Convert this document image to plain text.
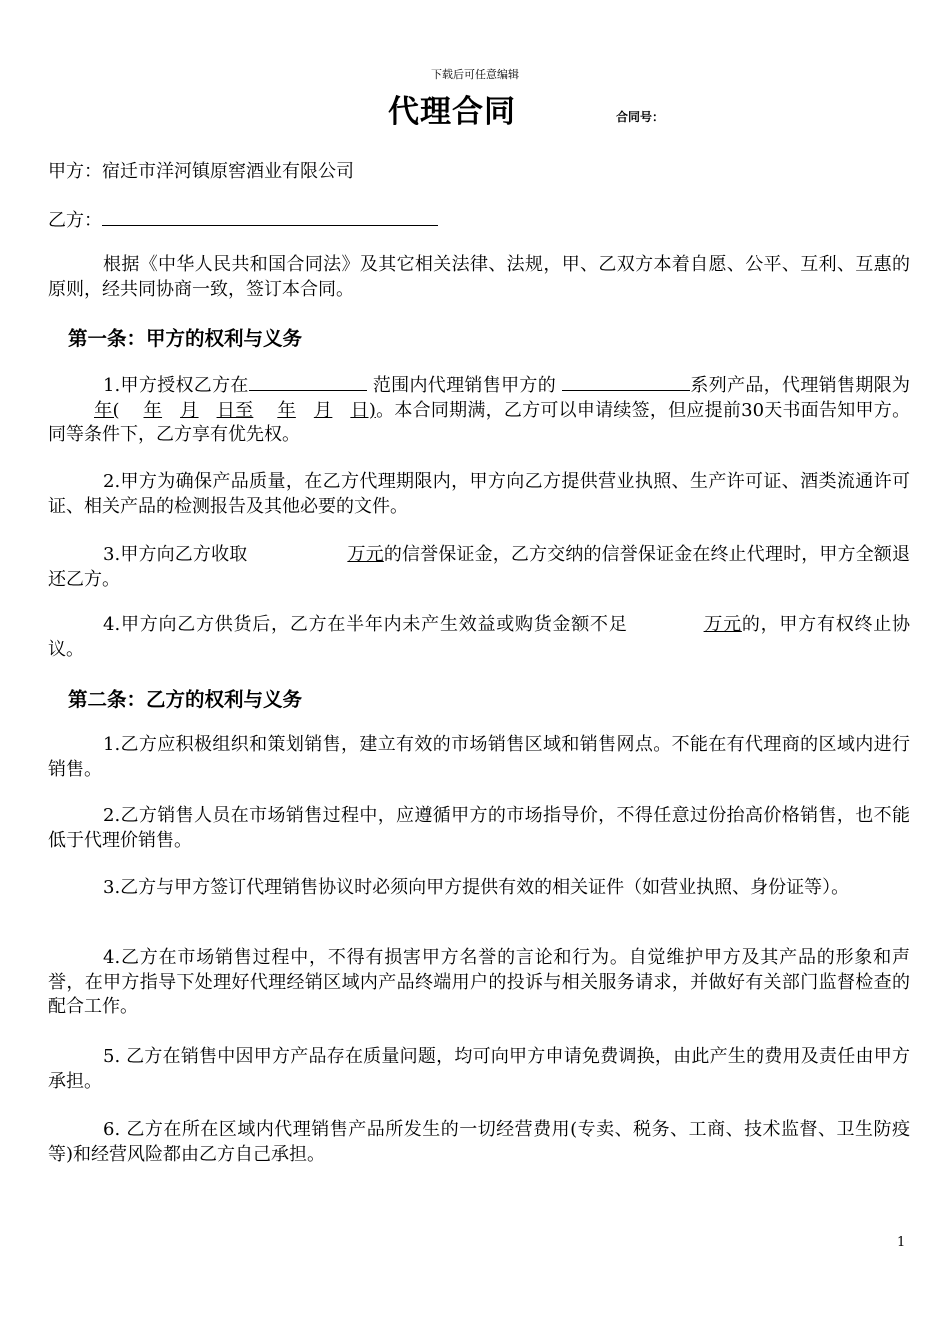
下载后可任意编辑
代理合同	合同号：
甲方：宿迁市洋河镇原窖酒业有限公司
乙方：
根据《中华人民共和国合同法》及其它相关法律、法规，甲、乙双方本着自愿、公平、互利、互惠的原则，经共同协商一致，签订本合同。
第一条：甲方的权利与义务
1.甲方授权乙方在	范围内代理销售甲方的	系列产品，代理销售期限为年( 年 月 日至 年 月 日)。本合同期满，乙方可以申请续签，但应提前30天书面告知甲方。同等条件下，乙方享有优先权。
2.甲方为确保产品质量，在乙方代理期限内，甲方向乙方提供营业执照、生产许可证、酒类流通许可证、相关产品的检测报告及其他必要的文件。
3.甲方向乙方收取	万元的信誉保证金，乙方交纳的信誉保证金在终止代理时，甲方全额退还乙方。
4.甲方向乙方供货后，乙方在半年内未产生效益或购货金额不足	万元的，甲方有权终止协议。
第二条：乙方的权利与义务
1.乙方应积极组织和策划销售，建立有效的市场销售区域和销售网点。不能在有代理商的区域内进行销售。
2.乙方销售人员在市场销售过程中，应遵循甲方的市场指导价，不得任意过份抬高价格销售，也不能低于代理价销售。
3.乙方与甲方签订代理销售协议时必须向甲方提供有效的相关证件（如营业执照、身份证等）。
4.乙方在市场销售过程中，不得有损害甲方名誉的言论和行为。自觉维护甲方及其产品的形象和声誉，在甲方指导下处理好代理经销区域内产品终端用户的投诉与相关服务请求，并做好有关部门监督检查的配合工作。
5. 乙方在销售中因甲方产品存在质量问题，均可向甲方申请免费调换，由此产生的费用及责任由甲方承担。
6. 乙方在所在区域内代理销售产品所发生的一切经营费用(专卖、税务、工商、技术监督、卫生防疫等)和经营风险都由乙方自己承担。
1
